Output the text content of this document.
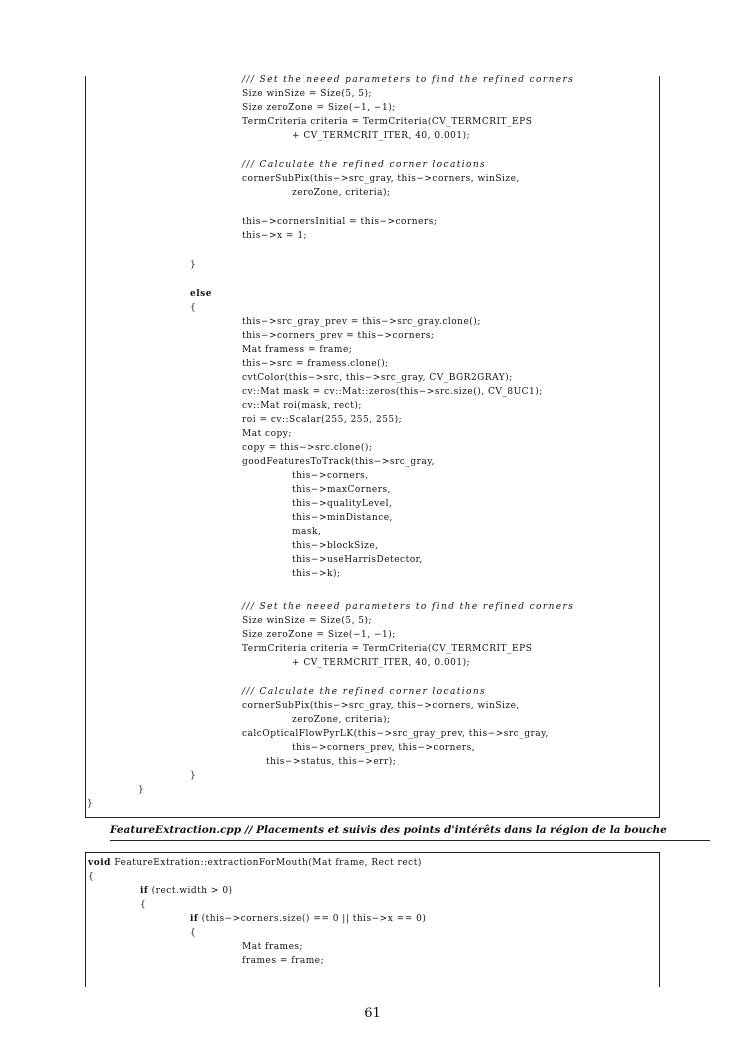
/// Set the neeed parameters to find the refined corners

Size winSize = Size(5, 5);

Size zeroZone = Size(−1, −1);

TermCriteria criteria = TermCriteria(CV_TERMCRIT_EPS

+ CV_TERMCRIT_ITER, 40, 0.001);

/// Calculate the refined corner locations

cornerSubPix(this−>src_gray, this−>corners, winSize,

zeroZone, criteria);

this−>cornersInitial = this−>corners;

this−>x = 1;

}

else

{

this−>src_gray_prev = this−>src_gray.clone();

this−>corners_prev = this−>corners;

Mat framess = frame;

this−>src = framess.clone();

cvtColor(this−>src, this−>src_gray, CV_BGR2GRAY);

cv::Mat mask = cv::Mat::zeros(this−>src.size(), CV_8UC1);

cv::Mat roi(mask, rect);

roi = cv::Scalar(255, 255, 255);

Mat copy;

copy = this−>src.clone();

goodFeaturesToTrack(this−>src_gray,

this−>corners,

this−>maxCorners,

this−>qualityLevel,

this−>minDistance,

mask,

this−>blockSize,

this−>useHarrisDetector,

this−>k);

/// Set the neeed parameters to find the refined corners

Size winSize = Size(5, 5);

Size zeroZone = Size(−1, −1);

TermCriteria criteria = TermCriteria(CV_TERMCRIT_EPS

+ CV_TERMCRIT_ITER, 40, 0.001);

/// Calculate the refined corner locations

cornerSubPix(this−>src_gray, this−>corners, winSize,

zeroZone, criteria);

calcOpticalFlowPyrLK(this−>src_gray_prev, this−>src_gray,

this−>corners_prev, this−>corners,

this−>status, this−>err);

}

}

}

FeatureExtraction.cpp // Placements et suivis des points d'intérêts dans la région de la bouche

void FeatureExtration::extractionForMouth(Mat frame, Rect rect)

{

if (rect.width > 0)

{

if (this−>corners.size() == 0 || this−>x == 0)

{

Mat frames;

frames = frame;

61
